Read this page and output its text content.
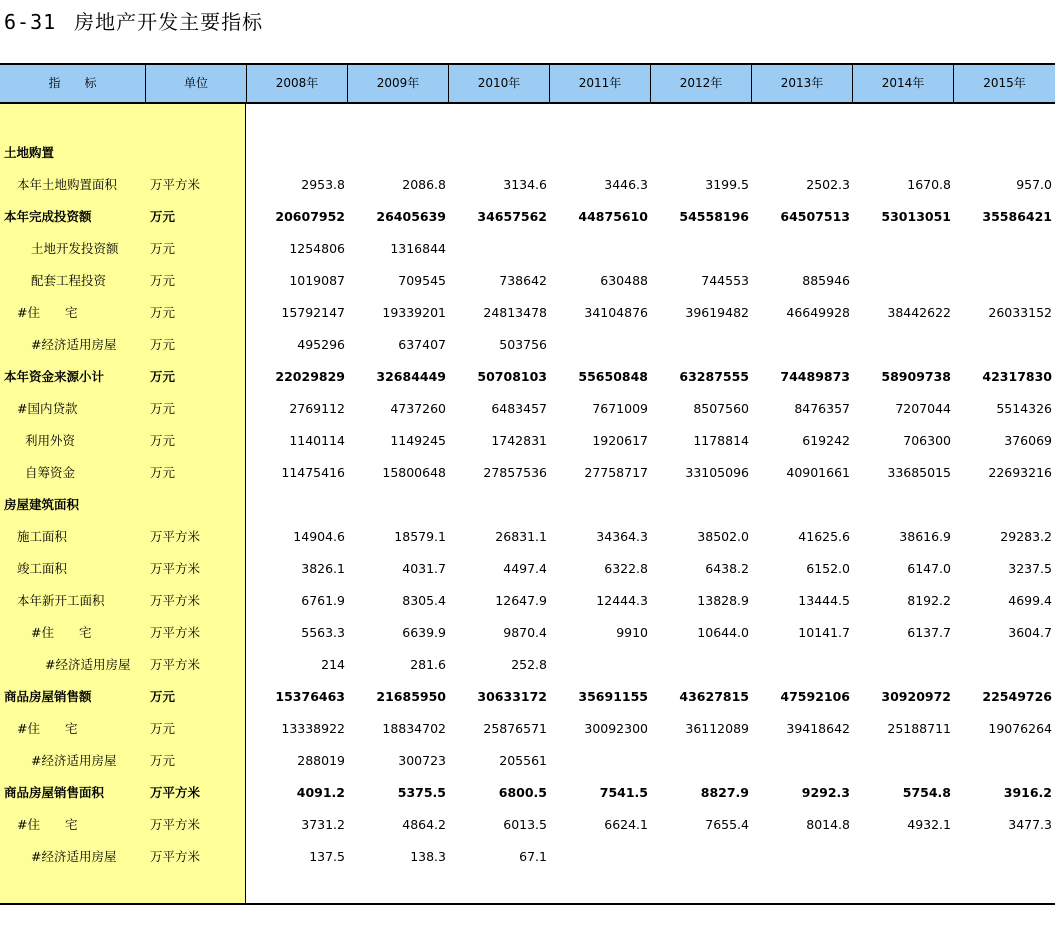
6-31 房地产开发主要指标
指　　标	单位	2008年	2009年	2010年	2011年	2012年	2013年	2014年	2015年
土地购置
本年土地购置面积	万平方米	2953.8	2086.8	3134.6	3446.3	3199.5	2502.3	1670.8	957.0
本年完成投资额	万元	20607952	26405639	34657562	44875610	54558196	64507513	53013051	35586421
土地开发投资额	万元	1254806	1316844
配套工程投资	万元	1019087	709545	738642	630488	744553	885946
#住　　宅	万元	15792147	19339201	24813478	34104876	39619482	46649928	38442622	26033152
#经济适用房屋	万元	495296	637407	503756
本年资金来源小计	万元	22029829	32684449	50708103	55650848	63287555	74489873	58909738	42317830
#国内贷款	万元	2769112	4737260	6483457	7671009	8507560	8476357	7207044	5514326
利用外资	万元	1140114	1149245	1742831	1920617	1178814	619242	706300	376069
自筹资金	万元	11475416	15800648	27857536	27758717	33105096	40901661	33685015	22693216
房屋建筑面积
施工面积	万平方米	14904.6	18579.1	26831.1	34364.3	38502.0	41625.6	38616.9	29283.2
竣工面积	万平方米	3826.1	4031.7	4497.4	6322.8	6438.2	6152.0	6147.0	3237.5
本年新开工面积	万平方米	6761.9	8305.4	12647.9	12444.3	13828.9	13444.5	8192.2	4699.4
#住　　宅	万平方米	5563.3	6639.9	9870.4	9910	10644.0	10141.7	6137.7	3604.7
#经济适用房屋 万平方米	214	281.6	252.8
商品房屋销售额	万元	15376463	21685950	30633172	35691155	43627815	47592106	30920972	22549726
#住　　宅	万元	13338922	18834702	25876571	30092300	36112089	39418642	25188711	19076264
#经济适用房屋	万元	288019	300723	205561
商品房屋销售面积	万平方米	4091.2	5375.5	6800.5	7541.5	8827.9	9292.3	5754.8	3916.2
#住　　宅	万平方米	3731.2	4864.2	6013.5	6624.1	7655.4	8014.8	4932.1	3477.3
#经济适用房屋	万平方米	137.5	138.3	67.1
